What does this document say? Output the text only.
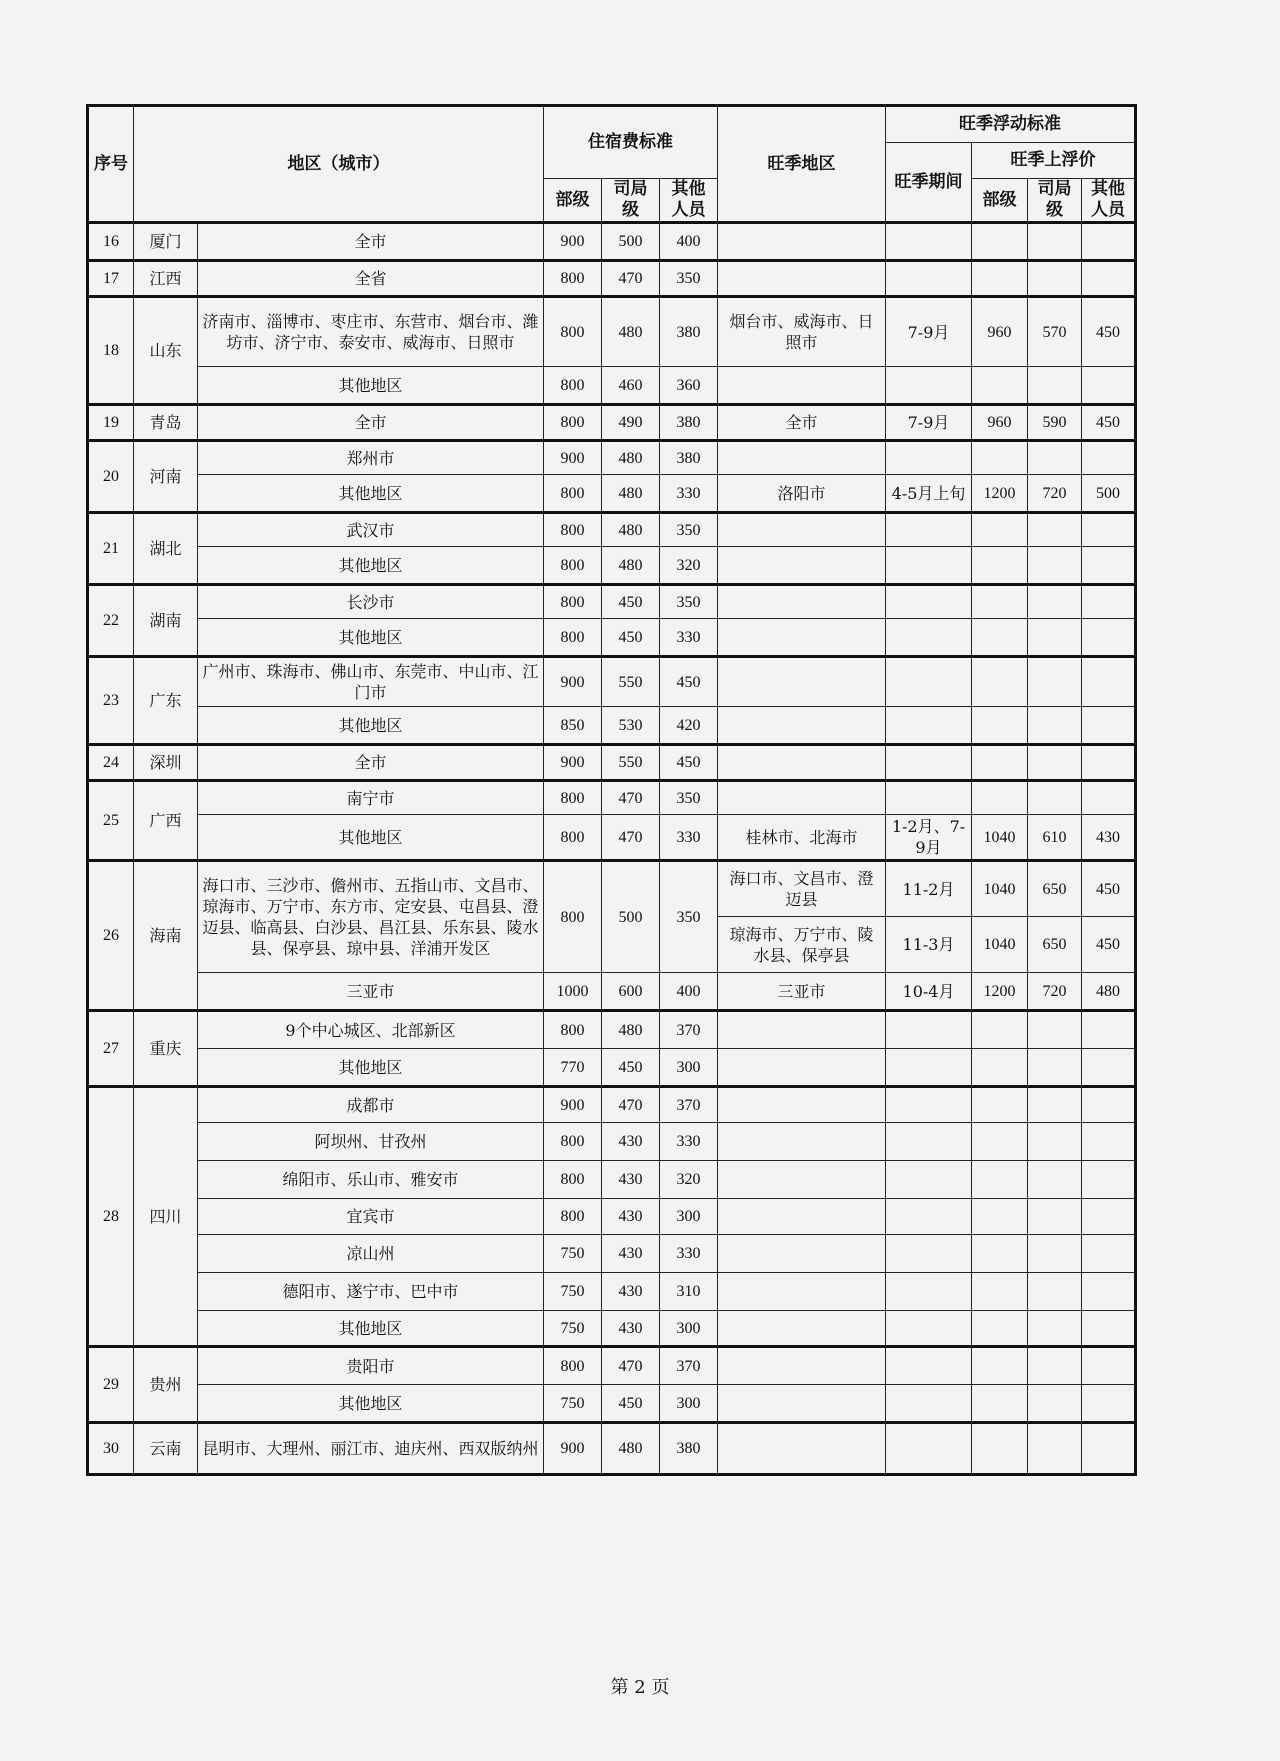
序号	地区（城市）		住宿费标准			旺季地区	旺季浮动标准			
							旺季期间	旺季上浮价		
			部级	司局级	其他人员			部级	司局级	其他人员
16	厦门	全市	900	500	400					
17	江西	全省	800	470	350					
18	山东	济南市、淄博市、枣庄市、东营市、烟台市、潍坊市、济宁市、泰安市、威海市、日照市	800	480	380	烟台市、威海市、日照市	7-9月	960	570	450
		其他地区	800	460	360					
19	青岛	全市	800	490	380	全市	7-9月	960	590	450
20	河南	郑州市	900	480	380					
		其他地区	800	480	330	洛阳市	4-5月上旬	1200	720	500
21	湖北	武汉市	800	480	350					
		其他地区	800	480	320					
22	湖南	长沙市	800	450	350					
		其他地区	800	450	330					
23	广东	广州市、珠海市、佛山市、东莞市、中山市、江门市	900	550	450					
		其他地区	850	530	420					
24	深圳	全市	900	550	450					
25	广西	南宁市	800	470	350					
		其他地区	800	470	330	桂林市、北海市	1-2月、7-9月	1040	610	430
26	海南	海口市、三沙市、儋州市、五指山市、文昌市、琼海市、万宁市、东方市、定安县、屯昌县、澄迈县、临高县、白沙县、昌江县、乐东县、陵水县、保亭县、琼中县、洋浦开发区	800	500	350	海口市、文昌市、澄迈县	11-2月	1040	650	450
						琼海市、万宁市、陵水县、保亭县	11-3月	1040	650	450
		三亚市	1000	600	400	三亚市	10-4月	1200	720	480
27	重庆	9个中心城区、北部新区	800	480	370					
		其他地区	770	450	300					
28	四川	成都市	900	470	370					
		阿坝州、甘孜州	800	430	330					
		绵阳市、乐山市、雅安市	800	430	320					
		宜宾市	800	430	300					
		凉山州	750	430	330					
		德阳市、遂宁市、巴中市	750	430	310					
		其他地区	750	430	300					
29	贵州	贵阳市	800	470	370					
		其他地区	750	450	300					
30	云南	昆明市、大理州、丽江市、迪庆州、西双版纳州	900	480	380					
第 2 页
